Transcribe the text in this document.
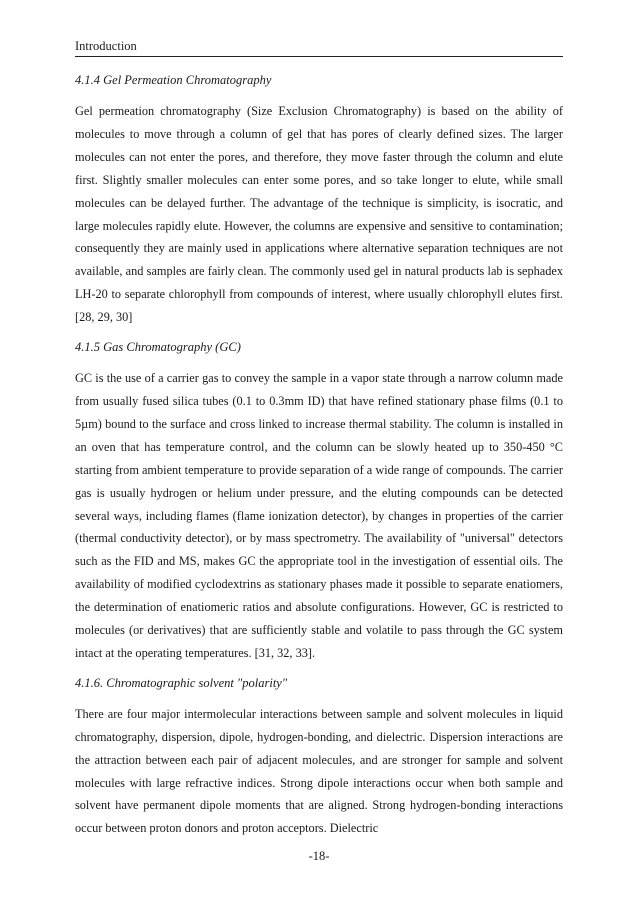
Introduction

4.1.4 Gel Permeation Chromatography

Gel permeation chromatography (Size Exclusion Chromatography) is based on the ability of molecules to move through a column of gel that has pores of clearly defined sizes. The larger molecules can not enter the pores, and therefore, they move faster through the column and elute first. Slightly smaller molecules can enter some pores, and so take longer to elute, while small molecules can be delayed further. The advantage of the technique is simplicity, is isocratic, and large molecules rapidly elute. However, the columns are expensive and sensitive to contamination; consequently they are mainly used in applications where alternative separation techniques are not available, and samples are fairly clean. The commonly used gel in natural products lab is sephadex LH-20 to separate chlorophyll from compounds of interest, where usually chlorophyll elutes first. [28, 29, 30]

4.1.5 Gas Chromatography (GC)

GC is the use of a carrier gas to convey the sample in a vapor state through a narrow column made from usually fused silica tubes (0.1 to 0.3mm ID) that have refined stationary phase films (0.1 to 5µm) bound to the surface and cross linked to increase thermal stability. The column is installed in an oven that has temperature control, and the column can be slowly heated up to 350-450 °C starting from ambient temperature to provide separation of a wide range of compounds. The carrier gas is usually hydrogen or helium under pressure, and the eluting compounds can be detected several ways, including flames (flame ionization detector), by changes in properties of the carrier (thermal conductivity detector), or by mass spectrometry. The availability of "universal" detectors such as the FID and MS, makes GC the appropriate tool in the investigation of essential oils. The availability of modified cyclodextrins as stationary phases made it possible to separate enatiomers, the determination of enatiomeric ratios and absolute configurations. However, GC is restricted to molecules (or derivatives) that are sufficiently stable and volatile to pass through the GC system intact at the operating temperatures. [31, 32, 33].

4.1.6. Chromatographic solvent "polarity"

There are four major intermolecular interactions between sample and solvent molecules in liquid chromatography, dispersion, dipole, hydrogen-bonding, and dielectric. Dispersion interactions are the attraction between each pair of adjacent molecules, and are stronger for sample and solvent molecules with large refractive indices. Strong dipole interactions occur when both sample and solvent have permanent dipole moments that are aligned. Strong hydrogen-bonding interactions occur between proton donors and proton acceptors. Dielectric

-18-
